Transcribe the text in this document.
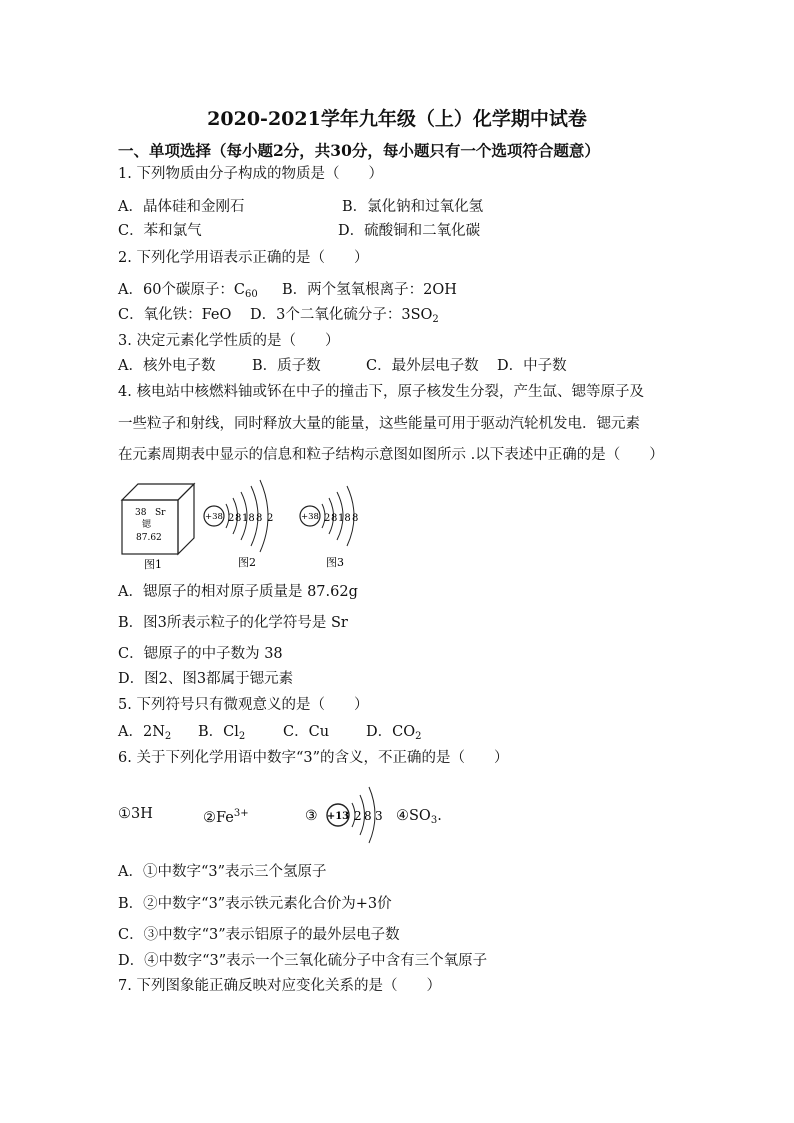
2020-2021学年九年级（上）化学期中试卷
一、单项选择（每小题2分，共30分，每小题只有一个选项符合题意）
1. 下列物质由分子构成的物质是（　　）
A．晶体硅和金刚石	B．氯化钠和过氧化氢
C．苯和氯气	D．硫酸铜和二氧化碳
2. 下列化学用语表示正确的是（　　）
A．60个碳原子：$C_{60}$ B．两个氢氧根离子：2OH
C．氧化铁：FeO D．3个二氧化硫分子：$3SO_2$
3. 决定元素化学性质的是（　　）
A．核外电子数	B．质子数	C．最外层电子数 D．中子数
4. 核电站中核燃料铀或钚在中子的撞击下，原子核发生分裂，产生氙、锶等原子及
一些粒子和射线，同时释放大量的能量，这些能量可用于驱动汽轮机发电．锶元素
在元素周期表中显示的信息和粒子结构示意图如图所示 .以下表述中正确的是（　　）
38 Sr
锶
87.62
图1
+38 2 8 18 8 2
图2
+38 2 8 18 8
图3
A．锶原子的相对原子质量是 87.62g
B．图3所表示粒子的化学符号是 Sr
C．锶原子的中子数为 38
D．图2、图3都属于锶元素
5. 下列符号只有微观意义的是（　　）
A．$2N_2$ B．$Cl_2$	C．Cu	D．$CO_2$
6. 关于下列化学用语中数字“3”的含义，不正确的是（　　）
①3H	$②Fe^{3+}$	③ +13 2 8 3 $④SO_3$.
A．①中数字“3”表示三个氢原子
B．②中数字“3”表示铁元素化合价为+3价
C．③中数字“3”表示铝原子的最外层电子数
D．④中数字“3”表示一个三氧化硫分子中含有三个氧原子
7. 下列图象能正确反映对应变化关系的是（　　）
